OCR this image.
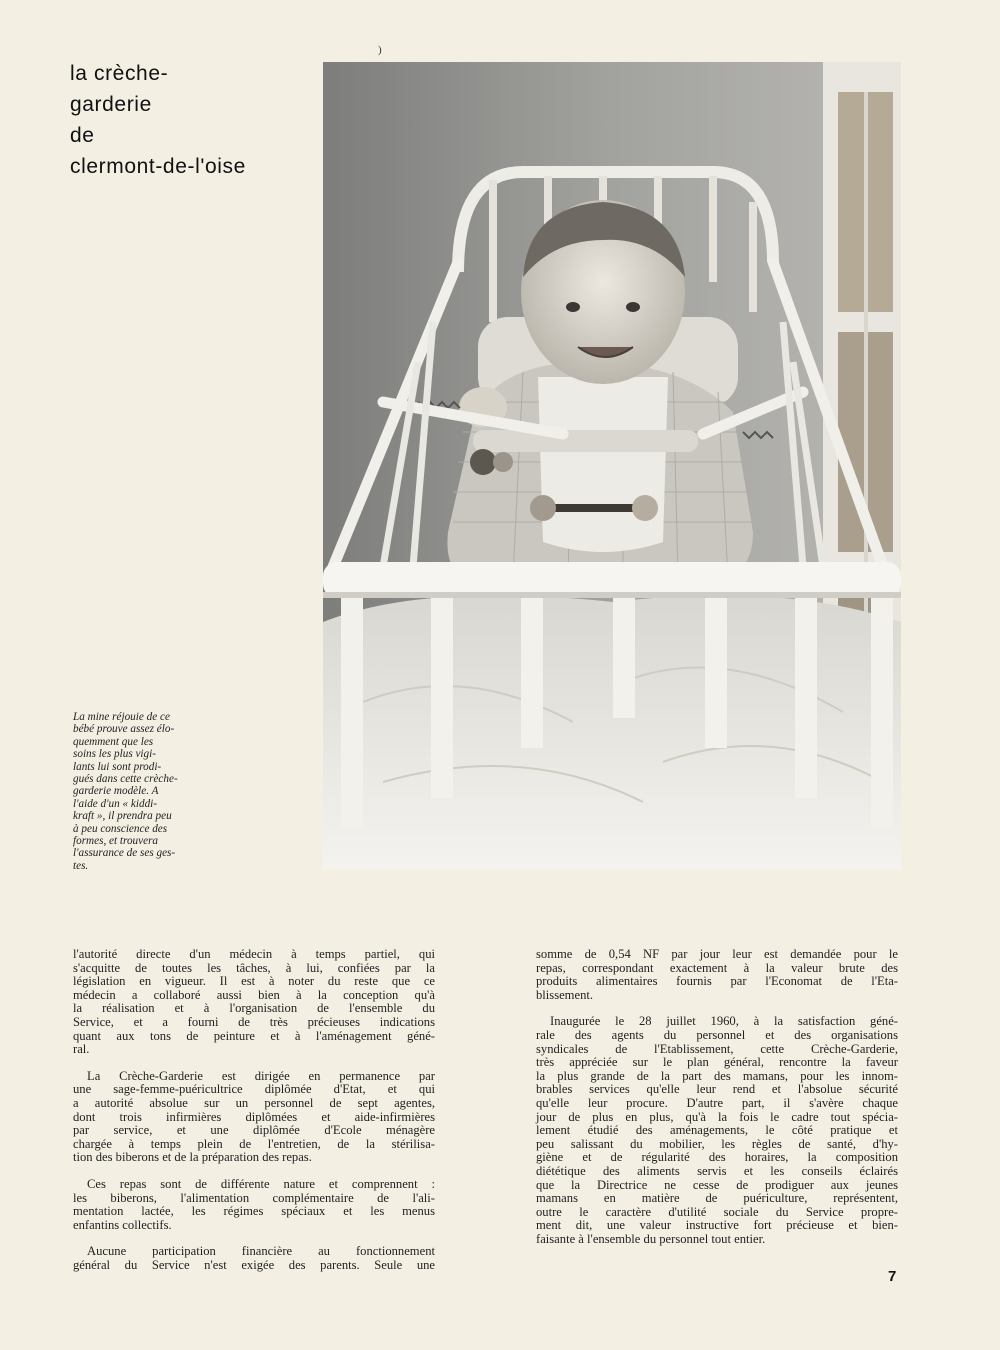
)
la crèche-
garderie
de
clermont-de-l'oise
La mine réjouie de ce
bébé prouve assez élo-
quemment que les
soins les plus vigi-
lants lui sont prodi-
gués dans cette crèche-
garderie modèle. A
l'aide d'un « kiddi-
kraft », il prendra peu
à peu conscience des
formes, et trouvera
l'assurance de ses ges-
tes.

l'autorité directe d'un médecin à temps partiel, qui
s'acquitte de toutes les tâches, à lui, confiées par la
législation en vigueur. Il est à noter du reste que ce
médecin a collaboré aussi bien à la conception qu'à
la réalisation et à l'organisation de l'ensemble du
Service, et a fourni de très précieuses indications
quant aux tons de peinture et à l'aménagement géné-
ral.

La Crèche-Garderie est dirigée en permanence par
une sage-femme-puéricultrice diplômée d'Etat, et qui
a autorité absolue sur un personnel de sept agentes,
dont trois infirmières diplômées et aide-infirmières
par service, et une diplômée d'Ecole ménagère
chargée à temps plein de l'entretien, de la stérilisa-
tion des biberons et de la préparation des repas.

Ces repas sont de différente nature et comprennent :
les biberons, l'alimentation complémentaire de l'ali-
mentation lactée, les régimes spéciaux et les menus
enfantins collectifs.

Aucune participation financière au fonctionnement
général du Service n'est exigée des parents. Seule une

somme de 0,54 NF par jour leur est demandée pour le
repas, correspondant exactement à la valeur brute des
produits alimentaires fournis par l'Economat de l'Eta-
blissement.

Inaugurée le 28 juillet 1960, à la satisfaction géné-
rale des agents du personnel et des organisations
syndicales de l'Etablissement, cette Crèche-Garderie,
très appréciée sur le plan général, rencontre la faveur
la plus grande de la part des mamans, pour les innom-
brables services qu'elle leur rend et l'absolue sécurité
qu'elle leur procure. D'autre part, il s'avère chaque
jour de plus en plus, qu'à la fois le cadre tout spécia-
lement étudié des aménagements, le côté pratique et
peu salissant du mobilier, les règles de santé, d'hy-
giène et de régularité des horaires, la composition
diététique des aliments servis et les conseils éclairés
que la Directrice ne cesse de prodiguer aux jeunes
mamans en matière de puériculture, représentent,
outre le caractère d'utilité sociale du Service propre-
ment dit, une valeur instructive fort précieuse et bien-
faisante à l'ensemble du personnel tout entier.

7
